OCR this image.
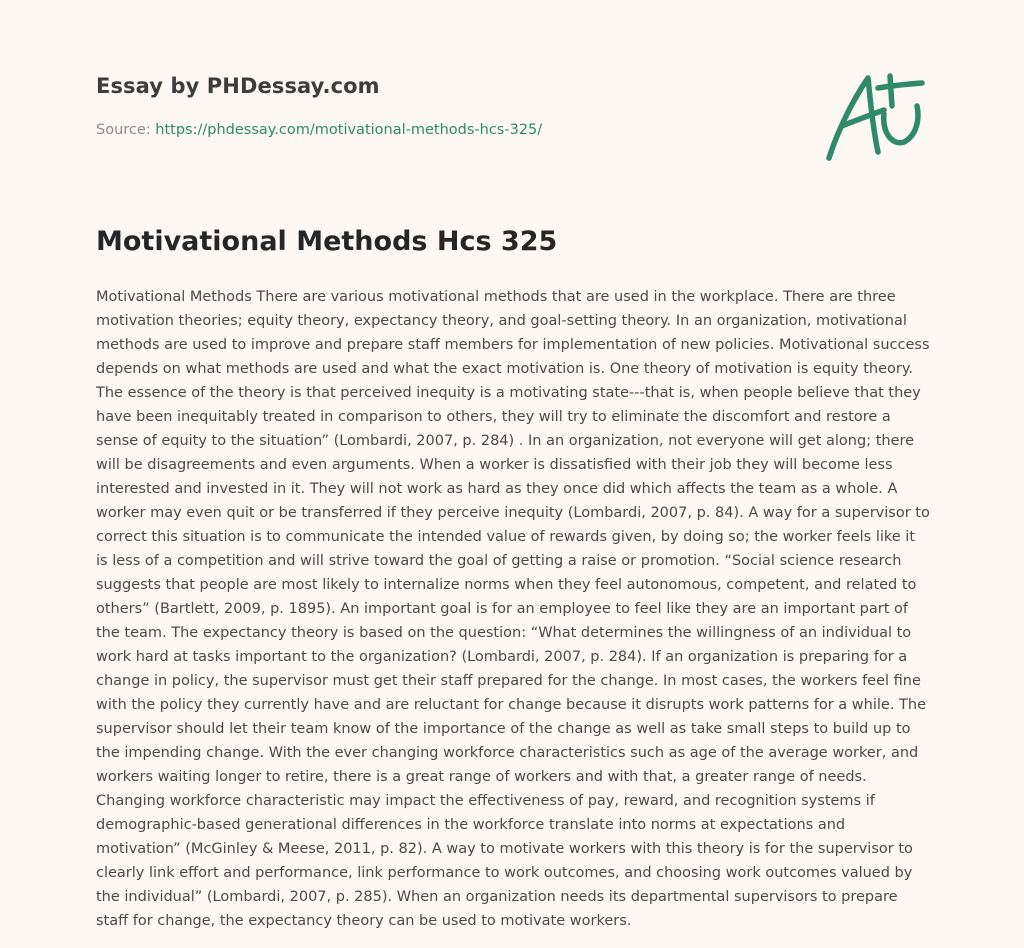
Essay by PHDessay.com

Source: https://phdessay.com/motivational-methods-hcs-325/
Motivational Methods Hcs 325

Motivational Methods There are various motivational methods that are used in the workplace. There are three motivation theories; equity theory, expectancy theory, and goal-setting theory. In an organization, motivational methods are used to improve and prepare staff members for implementation of new policies. Motivational success depends on what methods are used and what the exact motivation is. One theory of motivation is equity theory. The essence of the theory is that perceived inequity is a motivating state---that is, when people believe that they have been inequitably treated in comparison to others, they will try to eliminate the discomfort and restore a sense of equity to the situation” (Lombardi, 2007, p. 284) . In an organization, not everyone will get along; there will be disagreements and even arguments. When a worker is dissatisfied with their job they will become less interested and invested in it. They will not work as hard as they once did which affects the team as a whole. A worker may even quit or be transferred if they perceive inequity (Lombardi, 2007, p. 84). A way for a supervisor to correct this situation is to communicate the intended value of rewards given, by doing so; the worker feels like it is less of a competition and will strive toward the goal of getting a raise or promotion. “Social science research suggests that people are most likely to internalize norms when they feel autonomous, competent, and related to others” (Bartlett, 2009, p. 1895). An important goal is for an employee to feel like they are an important part of the team. The expectancy theory is based on the question: “What determines the willingness of an individual to work hard at tasks important to the organization? (Lombardi, 2007, p. 284). If an organization is preparing for a change in policy, the supervisor must get their staff prepared for the change. In most cases, the workers feel fine with the policy they currently have and are reluctant for change because it disrupts work patterns for a while. The supervisor should let their team know of the importance of the change as well as take small steps to build up to the impending change. With the ever changing workforce characteristics such as age of the average worker, and workers waiting longer to retire, there is a great range of workers and with that, a greater range of needs. Changing workforce characteristic may impact the effectiveness of pay, reward, and recognition systems if demographic-based generational differences in the workforce translate into norms at expectations and motivation” (McGinley & Meese, 2011, p. 82). A way to motivate workers with this theory is for the supervisor to clearly link effort and performance, link performance to work outcomes, and choosing work outcomes valued by the individual” (Lombardi, 2007, p. 285). When an organization needs its departmental supervisors to prepare staff for change, the expectancy theory can be used to motivate workers.
